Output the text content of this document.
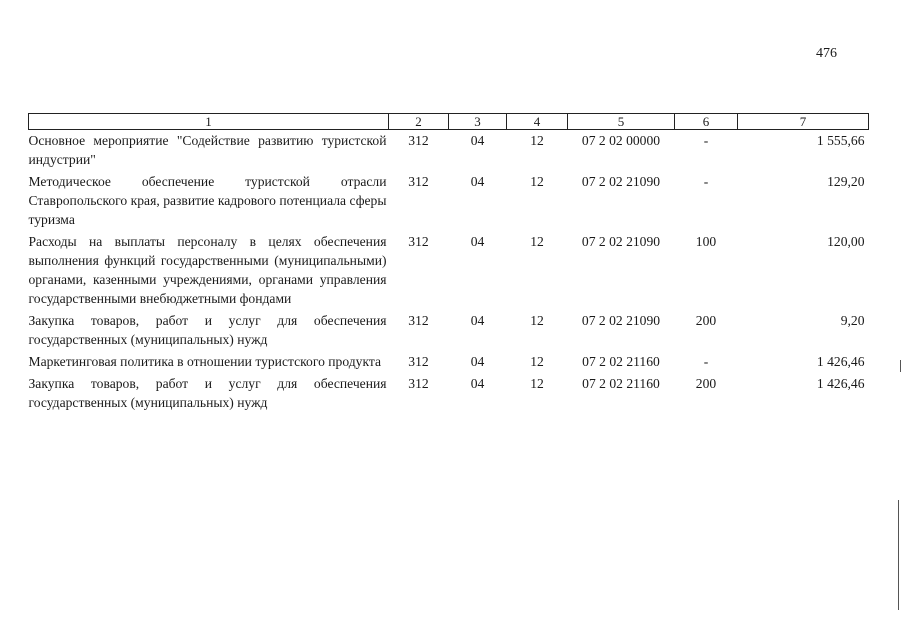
476
1	2	3	4	5	6	7
Основное мероприятие "Содействие развитию туристской индустрии"	312	04	12	07 2 02 00000	-	1 555,66
Методическое обеспечение туристской отрасли Ставропольского края, развитие кадрового потенциала сферы туризма	312	04	12	07 2 02 21090	-	129,20
Расходы на выплаты персоналу в целях обеспечения выполнения функций государственными (муниципальными) органами, казенными учреждениями, органами управления государственными внебюджетными фондами	312	04	12	07 2 02 21090	100	120,00
Закупка товаров, работ и услуг для обеспечения государственных (муниципальных) нужд	312	04	12	07 2 02 21090	200	9,20
Маркетинговая политика в отношении туристского продукта	312	04	12	07 2 02 21160	-	1 426,46
Закупка товаров, работ и услуг для обеспечения государственных (муниципальных) нужд	312	04	12	07 2 02 21160	200	1 426,46
